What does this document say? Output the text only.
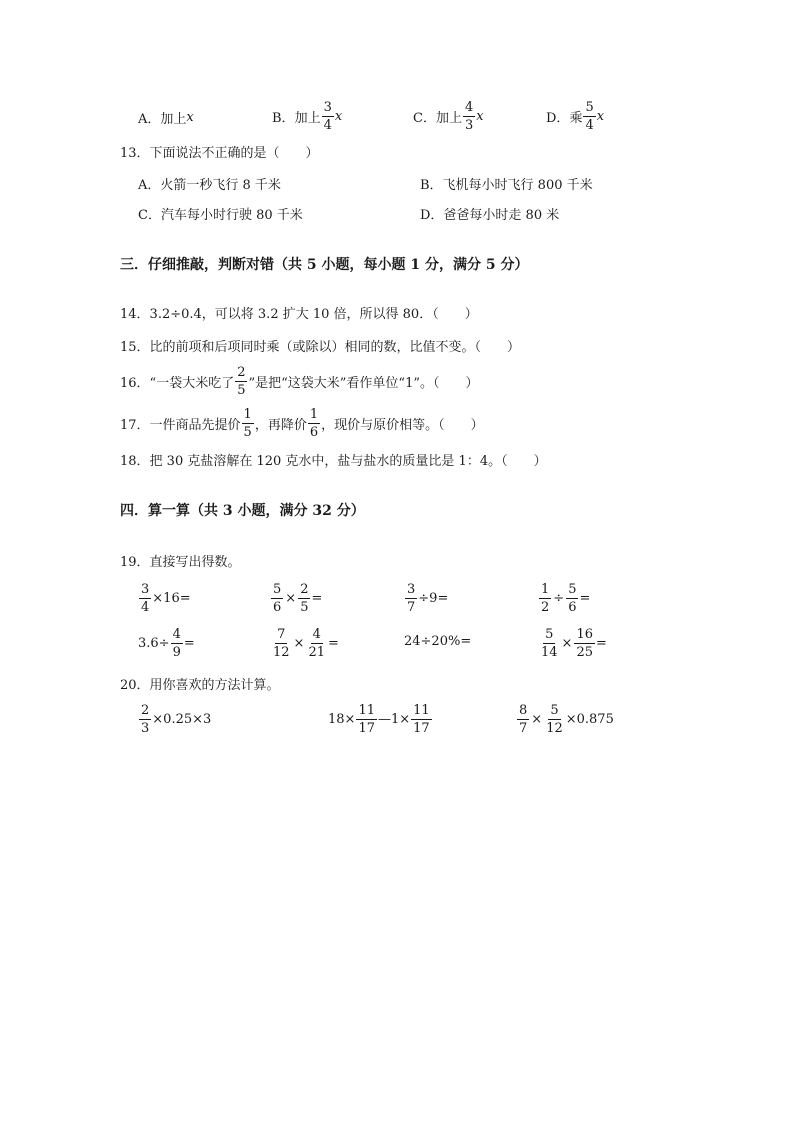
A． 加上 x	B． 加上 $\frac{3}{4}$ x	C． 加上 $\frac{4}{3}$ x	D． 乘 $\frac{5}{4}$ x
13．下面说法不正确的是（　　）
A．火箭一秒飞行 8 千米	B．飞机每小时飞行 800 千米
C．汽车每小时行驶 80 千米	D．爸爸每小时走 80 米
三．仔细推敲，判断对错（共 5 小题，每小题 1 分，满分 5 分）
14．3.2÷0.4，可以将 3.2 扩大 10 倍，所以得 80．（　　）
15．比的前项和后项同时乘（或除以）相同的数，比值不变。（　　）
16．“一袋大米吃了 $\frac{2}{5}$ ”是把“这袋大米”看作单位“1”。（　　）
17．一件商品先提价 $\frac{1}{5}$ ，再降价 $\frac{1}{6}$ ，现价与原价相等。（　　）
18．把 30 克盐溶解在 120 克水中，盐与盐水的质量比是 1：4。（　　）
四．算一算（共 3 小题，满分 32 分）
19．直接写出得数。
$\frac{3}{4} \times 16=$	$\frac{5}{6} \times \frac{2}{5}$ =	$\frac{3}{7} \div 9=$	$\frac{1}{2} \div \frac{5}{6}$ =
$3.6\div \frac{4}{9}$ =	$\frac{7}{12} \times \frac{4}{21}$ =	24÷20%=	$\frac{5}{14} \times \frac{16}{25}$ =
20．用你喜欢的方法计算。
$\frac{2}{3} \times 0.25\times 3$	$18\times \frac{11}{17}$ —1× $\frac{11}{17}$	$\frac{8}{7} \times \frac{5}{12} \times 0.875$
